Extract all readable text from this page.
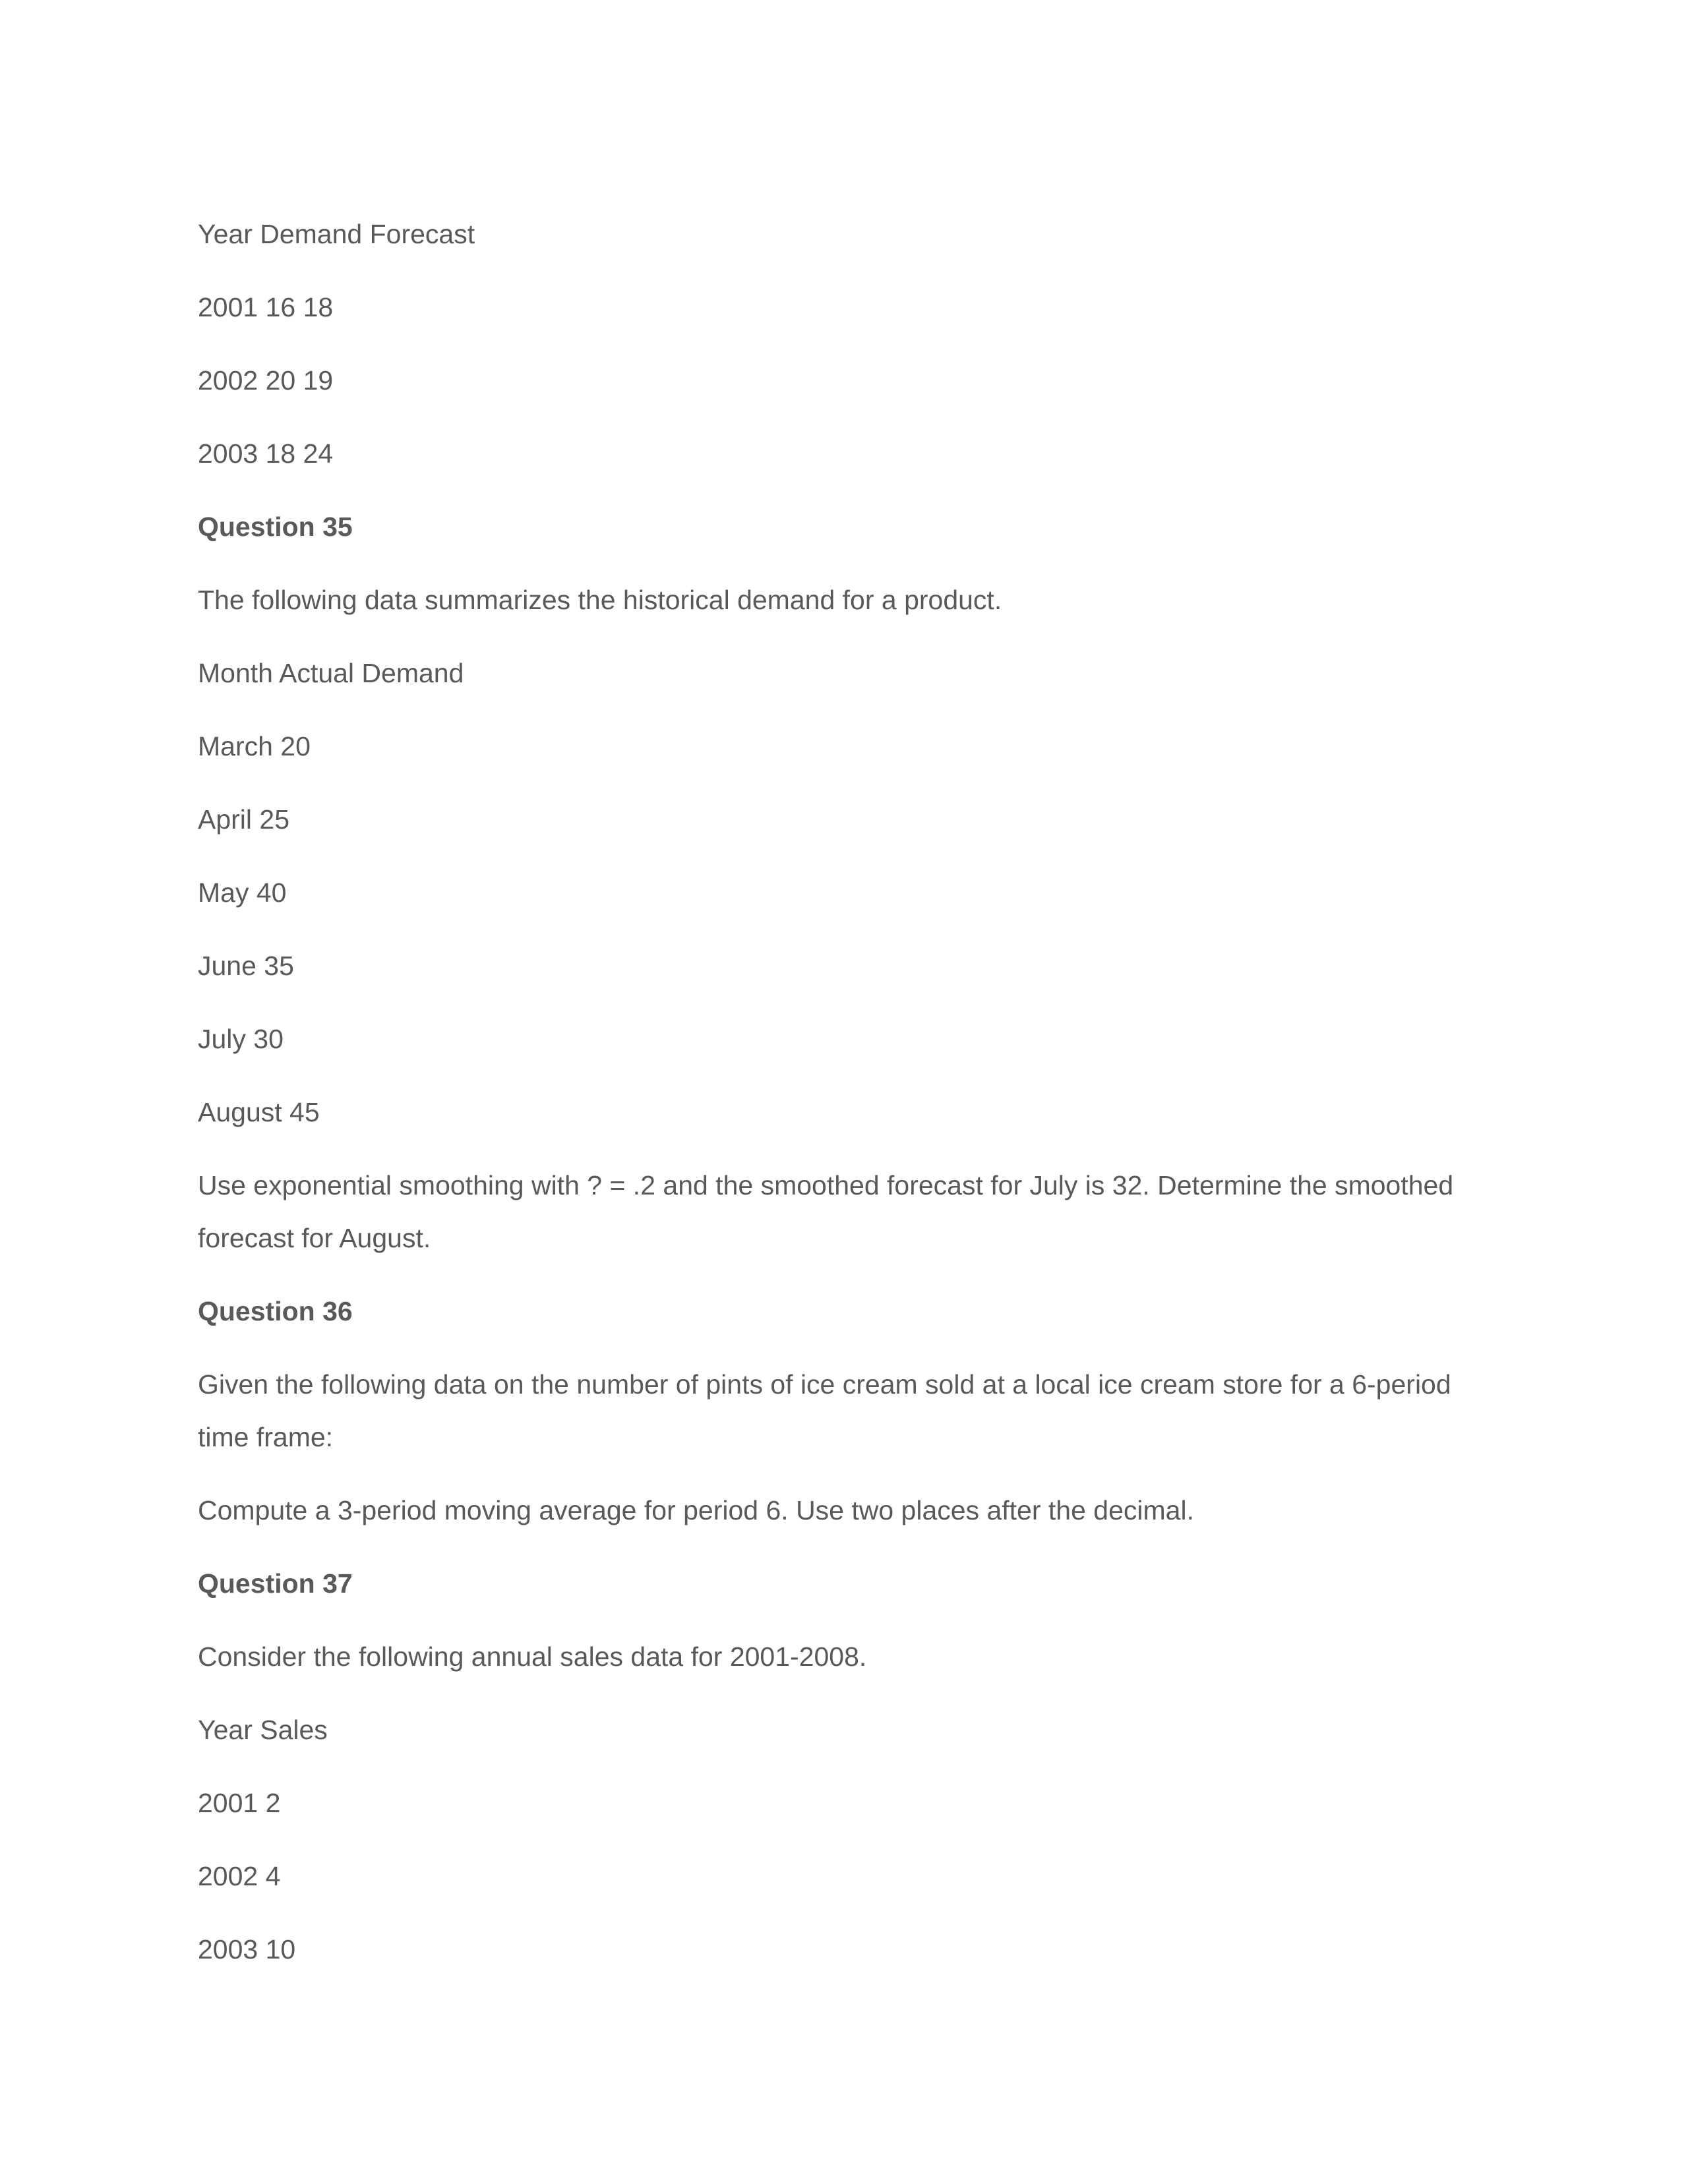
Year Demand Forecast

2001 16 18

2002 20 19

2003 18 24

Question 35

The following data summarizes the historical demand for a product.

Month Actual Demand

March 20

April 25

May 40

June 35

July 30

August 45

Use exponential smoothing with ? = .2 and the smoothed forecast for July is 32. Determine the smoothed forecast for August.

Question 36

Given the following data on the number of pints of ice cream sold at a local ice cream store for a 6-period time frame:

Compute a 3-period moving average for period 6. Use two places after the decimal.

Question 37

Consider the following annual sales data for 2001-2008.

Year Sales

2001 2

2002 4

2003 10
